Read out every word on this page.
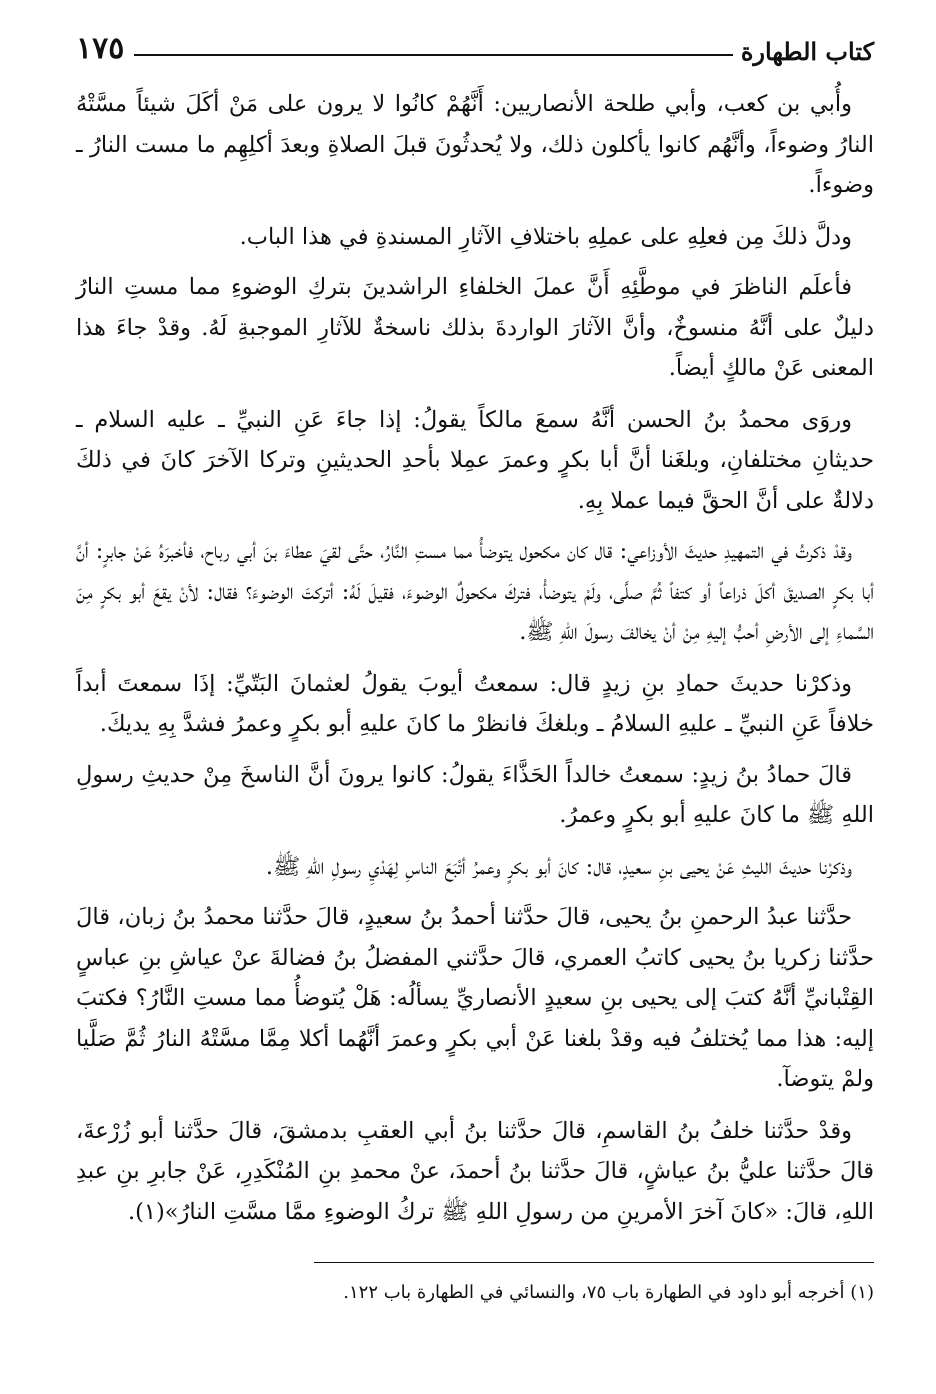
كتاب الطهارة
١٧٥

وأُبي بن كعب، وأبي طلحة الأنصاريين: أَنَّهُمْ كانُوا لا يرون على مَنْ أكَلَ شيئاً مسَّتْهُ النارُ وضوءاً، وأنَّهُم كانوا يأكلون ذلك، ولا يُحدثُونَ قبلَ الصلاةِ وبعدَ أكلِهِم ما مست النارُ ـ وضوءاً.

ودلَّ ذلكَ مِن فعلِهِ على عملِهِ باختلافِ الآثارِ المسندةِ في هذا الباب.

فأعلَم الناظرَ في موطَّئِهِ أَنَّ عملَ الخلفاءِ الراشدينَ بتركِ الوضوءِ مما مستِ النارُ دليلٌ على أنَّهُ منسوخٌ، وأنَّ الآثارَ الواردةَ بذلك ناسخةٌ للآثارِ الموجبةِ لَهُ. وقدْ جاءَ هذا المعنى عَنْ مالكٍ أيضاً.

وروَى محمدُ بنُ الحسن أنَّهُ سمعَ مالكاً يقولُ: إذا جاءَ عَنِ النبيِّ ـ عليه السلام ـ حديثانِ مختلفانِ، وبلغَنا أنَّ أبا بكرٍ وعمرَ عمِلا بأحدِ الحديثينِ وتركا الآخرَ كانَ في ذلكَ دلالةٌ على أنَّ الحقَّ فيما عملا بِهِ.

وقدْ ذكرتُ في التمهيدِ حديثَ الأوزاعي: قال كان مكحول يتوضأُ مما مستِ النَّارُ، حتَّى لقيَ عطاءَ بنَ أبي رباح، فأخبرَهُ عَنْ جابرٍ: أنَّ أبا بكرٍ الصديقَ أكلَ ذراعاً أو كتفاً ثُمَّ صلَّى، ولَمْ يتوضأْ، فتركَ مكحولٌ الوضوءَ، فقيلَ لَهُ: أتركتَ الوضوءَ؟ فقال: لأنْ يقعَ أبو بكرٍ مِنَ السَّماءِ إلى الأرضِ أحبُّ إليهِ مِنْ أنْ يخالفَ رسولَ اللهِ ﷺ.

وذكرْنا حديثَ حمادِ بنِ زيدٍ قال: سمعتُ أيوبَ يقولُ لعثمانَ البَتّيِّ: إذَا سمعتَ أبداً خلافاً عَنِ النبيِّ ـ عليهِ السلامُ ـ وبلغكَ فانظرْ ما كانَ عليهِ أبو بكرٍ وعمرُ فشدَّ بِهِ يديكَ.

قالَ حمادُ بنُ زيدٍ: سمعتُ خالداً الحَذَّاءَ يقولُ: كانوا يرونَ أنَّ الناسخَ مِنْ حديثِ رسولِ اللهِ ﷺ ما كانَ عليهِ أبو بكرٍ وعمرُ.

وذكرْنا حديثَ الليثِ عَنْ يحيى بنِ سعيدٍ، قال: كانَ أبو بكرٍ وعمرُ أتْبَعَ الناسِ لِهَدْيِ رسولِ اللهِ ﷺ.

حدَّثنا عبدُ الرحمنِ بنُ يحيى، قالَ حدَّثنا أحمدُ بنُ سعيدٍ، قالَ حدَّثنا محمدُ بنُ زبان، قالَ حدَّثنا زكريا بنُ يحيى كاتبُ العمري، قالَ حدَّثني المفضلُ بنُ فضالةَ عنْ عياشِ بنِ عباسٍ القِتْبانيِّ أنَّهُ كتبَ إلى يحيى بنِ سعيدٍ الأنصاريِّ يسألُه: هَلْ يُتوضأُ مما مستِ النَّارُ؟ فكتبَ إليه: هذا مما يُختلفُ فيه وقدْ بلغنا عَنْ أبي بكرٍ وعمرَ أنَّهُما أكلا مِمَّا مسَّتْهُ النارُ ثُمَّ صَلَّيا ولمْ يتوضآ.

وقدْ حدَّثنا خلفُ بنُ القاسمِ، قالَ حدَّثنا بنُ أبي العقبِ بدمشقَ، قالَ حدَّثنا أبو زُرْعةَ، قالَ حدَّثنا عليُّ بنُ عياشٍ، قالَ حدَّثنا بنُ أحمدَ، عنْ محمدِ بنِ المُنْكَدِرِ، عَنْ جابرِ بنِ عبدِ اللهِ، قالَ: «كانَ آخرَ الأمرينِ من رسولِ اللهِ ﷺ تركُ الوضوءِ ممَّا مسَّتِ النارُ»(١).

(١) أخرجه أبو داود في الطهارة باب ٧٥، والنسائي في الطهارة باب ١٢٢.
